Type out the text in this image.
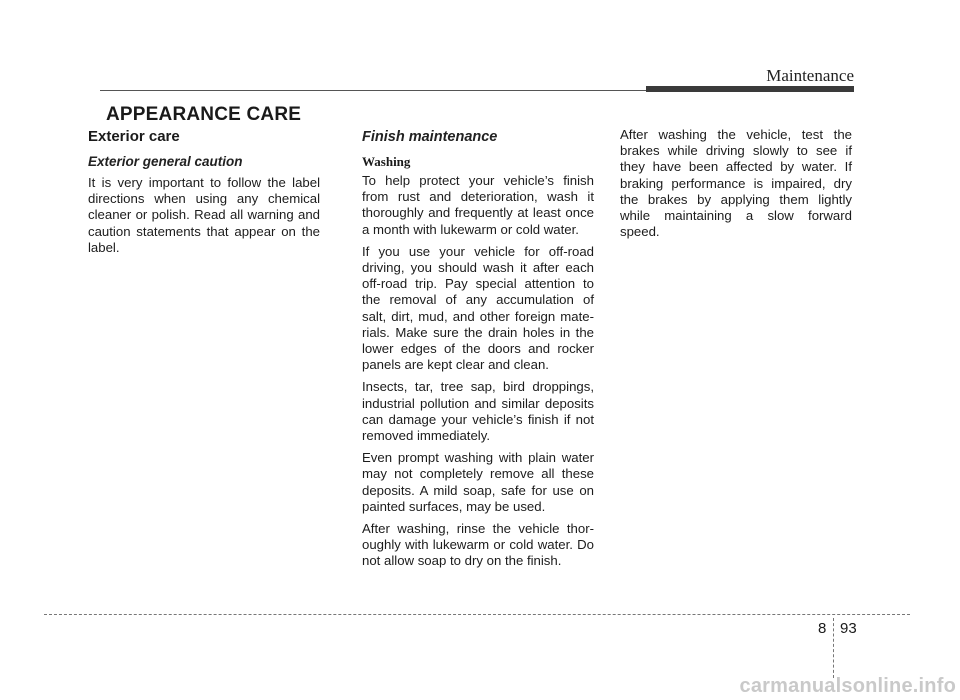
Maintenance
APPEARANCE CARE
Exterior care
Exterior general caution

It is very important to follow the label directions when using any chemical cleaner or polish. Read all warning and caution statements that appear on the label.

Finish maintenance
Washing

To help protect your vehicle’s finish from rust and deterioration, wash it thoroughly and frequently at least once a month with lukewarm or cold water.

If you use your vehicle for off-road driving, you should wash it after each off-road trip. Pay special attention to the removal of any accumulation of salt, dirt, mud, and other foreign mate-rials. Make sure the drain holes in the lower edges of the doors and rocker panels are kept clear and clean.

Insects, tar, tree sap, bird droppings, industrial pollution and similar deposits can damage your vehicle’s finish if not removed immediately.

Even prompt washing with plain water may not completely remove all these deposits. A mild soap, safe for use on painted surfaces, may be used.

After washing, rinse the vehicle thor-oughly with lukewarm or cold water. Do not allow soap to dry on the finish.

After washing the vehicle, test the brakes while driving slowly to see if they have been affected by water. If braking performance is impaired, dry the brakes by applying them lightly while maintaining a slow forward speed.

8 93
carmanualsonline.info
